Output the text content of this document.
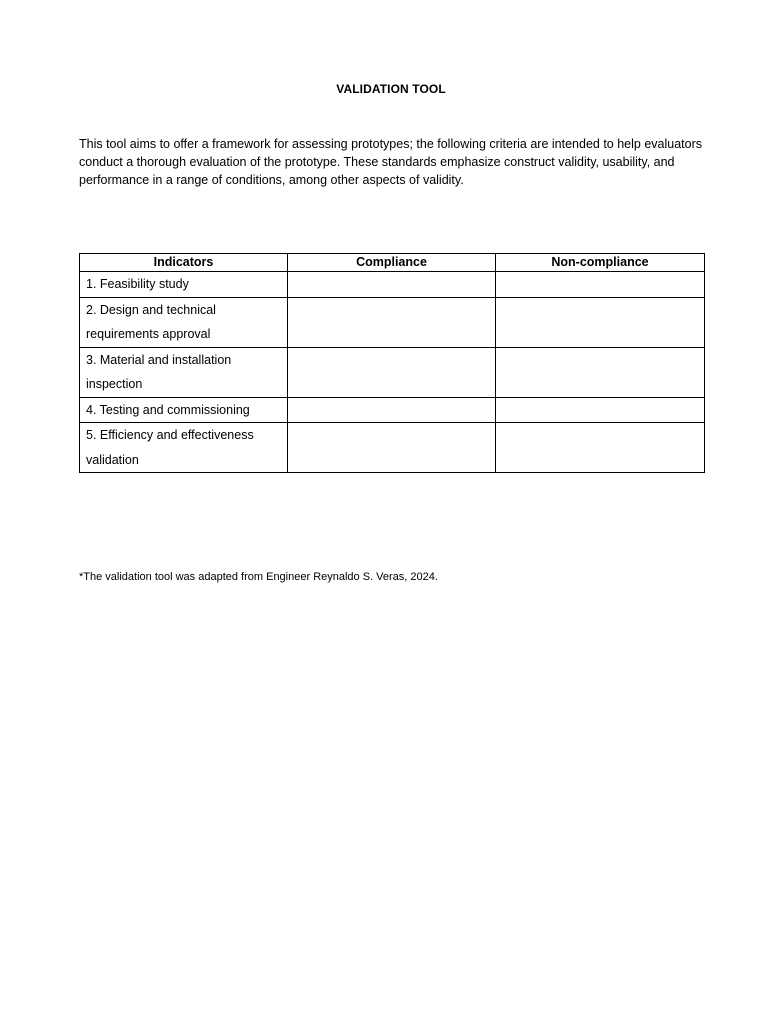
VALIDATION TOOL

This tool aims to offer a framework for assessing prototypes; the following criteria are intended to help evaluators conduct a thorough evaluation of the prototype. These standards emphasize construct validity, usability, and performance in a range of conditions, among other aspects of validity.

Indicators	Compliance	Non-compliance
1. Feasibility study		
2. Design and technical requirements approval		
3. Material and installation inspection		
4. Testing and commissioning		
5. Efficiency and effectiveness validation		
*The validation tool was adapted from Engineer Reynaldo S. Veras, 2024.
